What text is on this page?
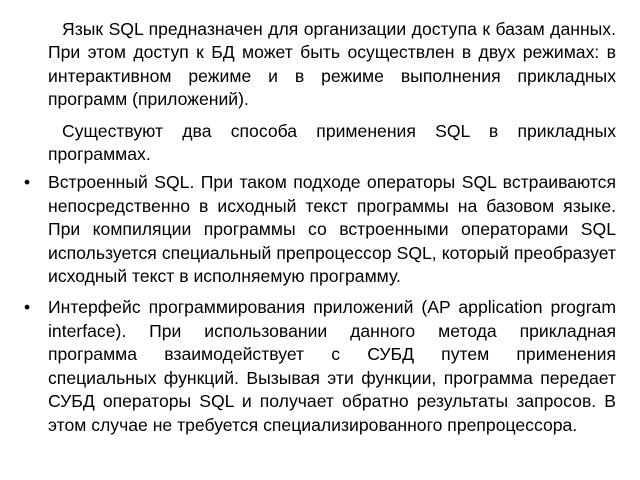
Язык SQL предназначен для организации доступа к базам данных. При этом доступ к БД может быть осуществлен в двух режимах: в интерактивном режиме и в режиме выполнения прикладных программ (приложений).

Существуют два способа применения SQL в прикладных программах.

• Встроенный SQL. При таком подходе операторы SQL встраиваются непосредственно в исходный текст программы на базовом языке. При компиляции программы со встроенными операторами SQL используется специальный препроцессор SQL, который преобразует исходный текст в исполняемую программу.
• Интерфейс программирования приложений (AP application program interface). При использовании данного метода прикладная программа взаимодействует с СУБД путем применения специальных функций. Вызывая эти функции, программа передает СУБД операторы SQL и получает обратно результаты запросов. В этом случае не требуется специализированного препроцессора.
